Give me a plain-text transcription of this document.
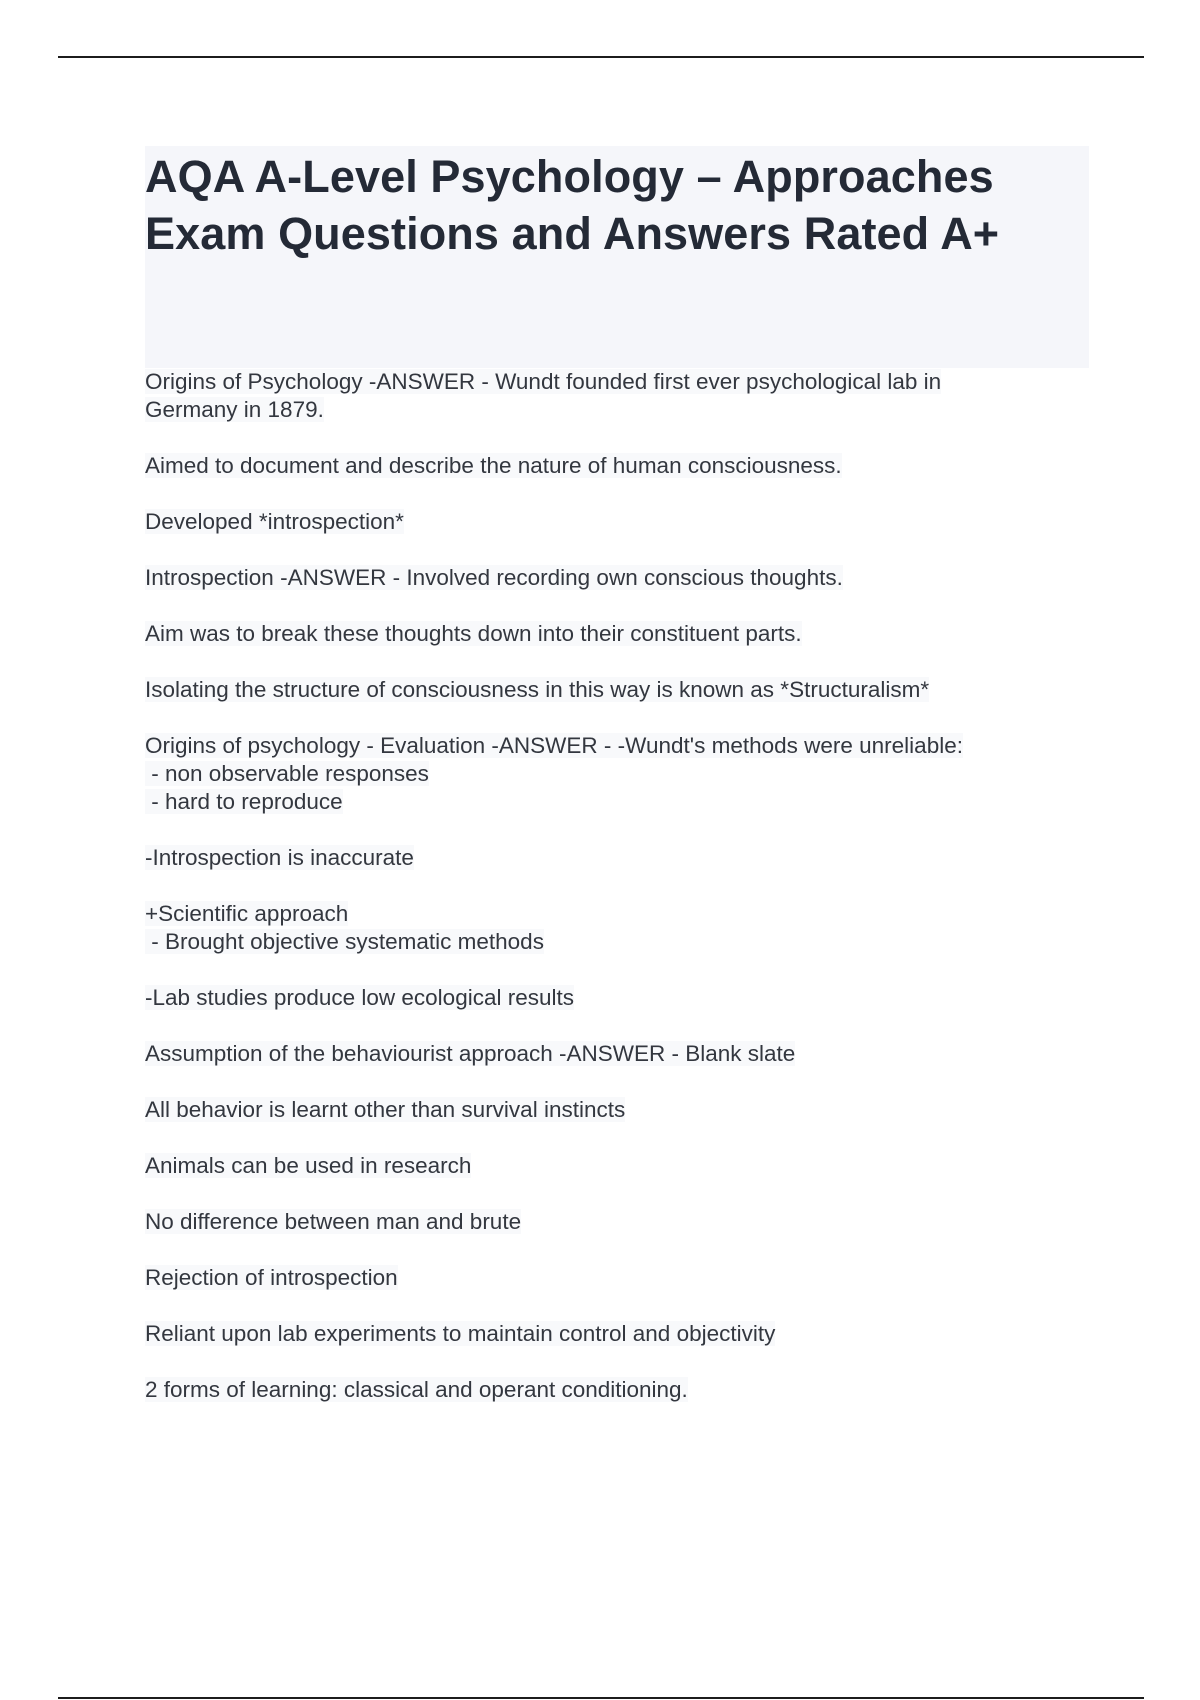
AQA A-Level Psychology – Approaches
Exam Questions and Answers Rated A+
Origins of Psychology -ANSWER - Wundt founded first ever psychological lab in
Germany in 1879.
Aimed to document and describe the nature of human consciousness.
Developed *introspection*
Introspection -ANSWER - Involved recording own conscious thoughts.
Aim was to break these thoughts down into their constituent parts.
Isolating the structure of consciousness in this way is known as *Structuralism*
Origins of psychology - Evaluation -ANSWER - -Wundt's methods were unreliable:
- non observable responses
- hard to reproduce
-Introspection is inaccurate
+Scientific approach
- Brought objective systematic methods
-Lab studies produce low ecological results
Assumption of the behaviourist approach -ANSWER - Blank slate
All behavior is learnt other than survival instincts
Animals can be used in research
No difference between man and brute
Rejection of introspection
Reliant upon lab experiments to maintain control and objectivity
2 forms of learning: classical and operant conditioning.
